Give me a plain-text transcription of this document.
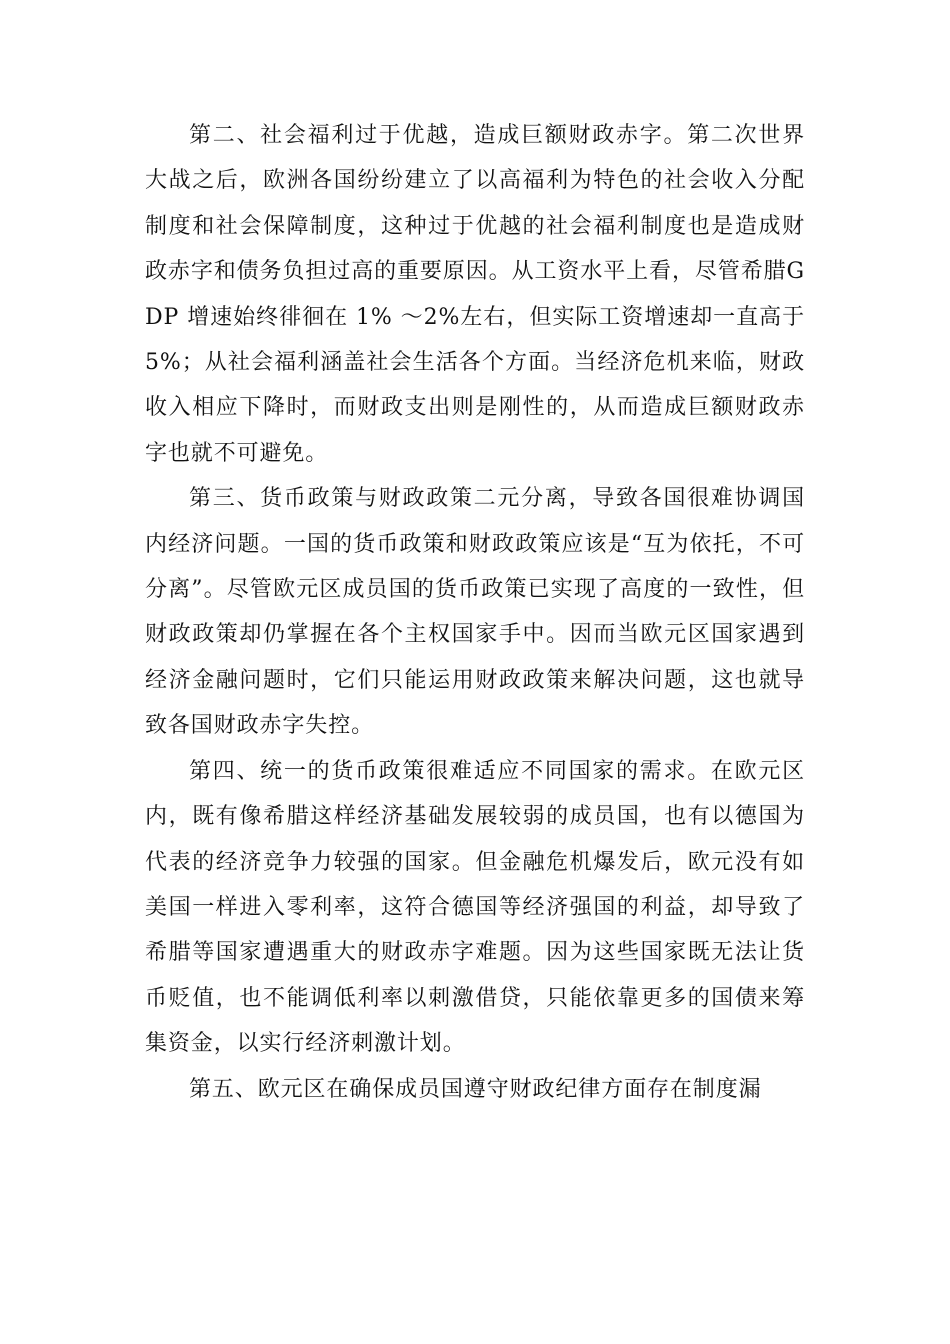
第二、社会福利过于优越，造成巨额财政赤字。第二次世界大战之后，欧洲各国纷纷建立了以高福利为特色的社会收入分配制度和社会保障制度，这种过于优越的社会福利制度也是造成财政赤字和债务负担过高的重要原因。从工资水平上看，尽管希腊GDP 增速始终徘徊在 1% ～2%左右，但实际工资增速却一直高于 5%；从社会福利涵盖社会生活各个方面。当经济危机来临，财政收入相应下降时，而财政支出则是刚性的，从而造成巨额财政赤字也就不可避免。

第三、货币政策与财政政策二元分离，导致各国很难协调国内经济问题。一国的货币政策和财政政策应该是“互为依托，不可分离”。尽管欧元区成员国的货币政策已实现了高度的一致性，但财政政策却仍掌握在各个主权国家手中。因而当欧元区国家遇到经济金融问题时，它们只能运用财政政策来解决问题，这也就导致各国财政赤字失控。

第四、统一的货币政策很难适应不同国家的需求。在欧元区内，既有像希腊这样经济基础发展较弱的成员国，也有以德国为代表的经济竞争力较强的国家。但金融危机爆发后，欧元没有如美国一样进入零利率，这符合德国等经济强国的利益，却导致了希腊等国家遭遇重大的财政赤字难题。因为这些国家既无法让货币贬值，也不能调低利率以刺激借贷，只能依靠更多的国债来筹集资金，以实行经济刺激计划。

第五、欧元区在确保成员国遵守财政纪律方面存在制度漏
